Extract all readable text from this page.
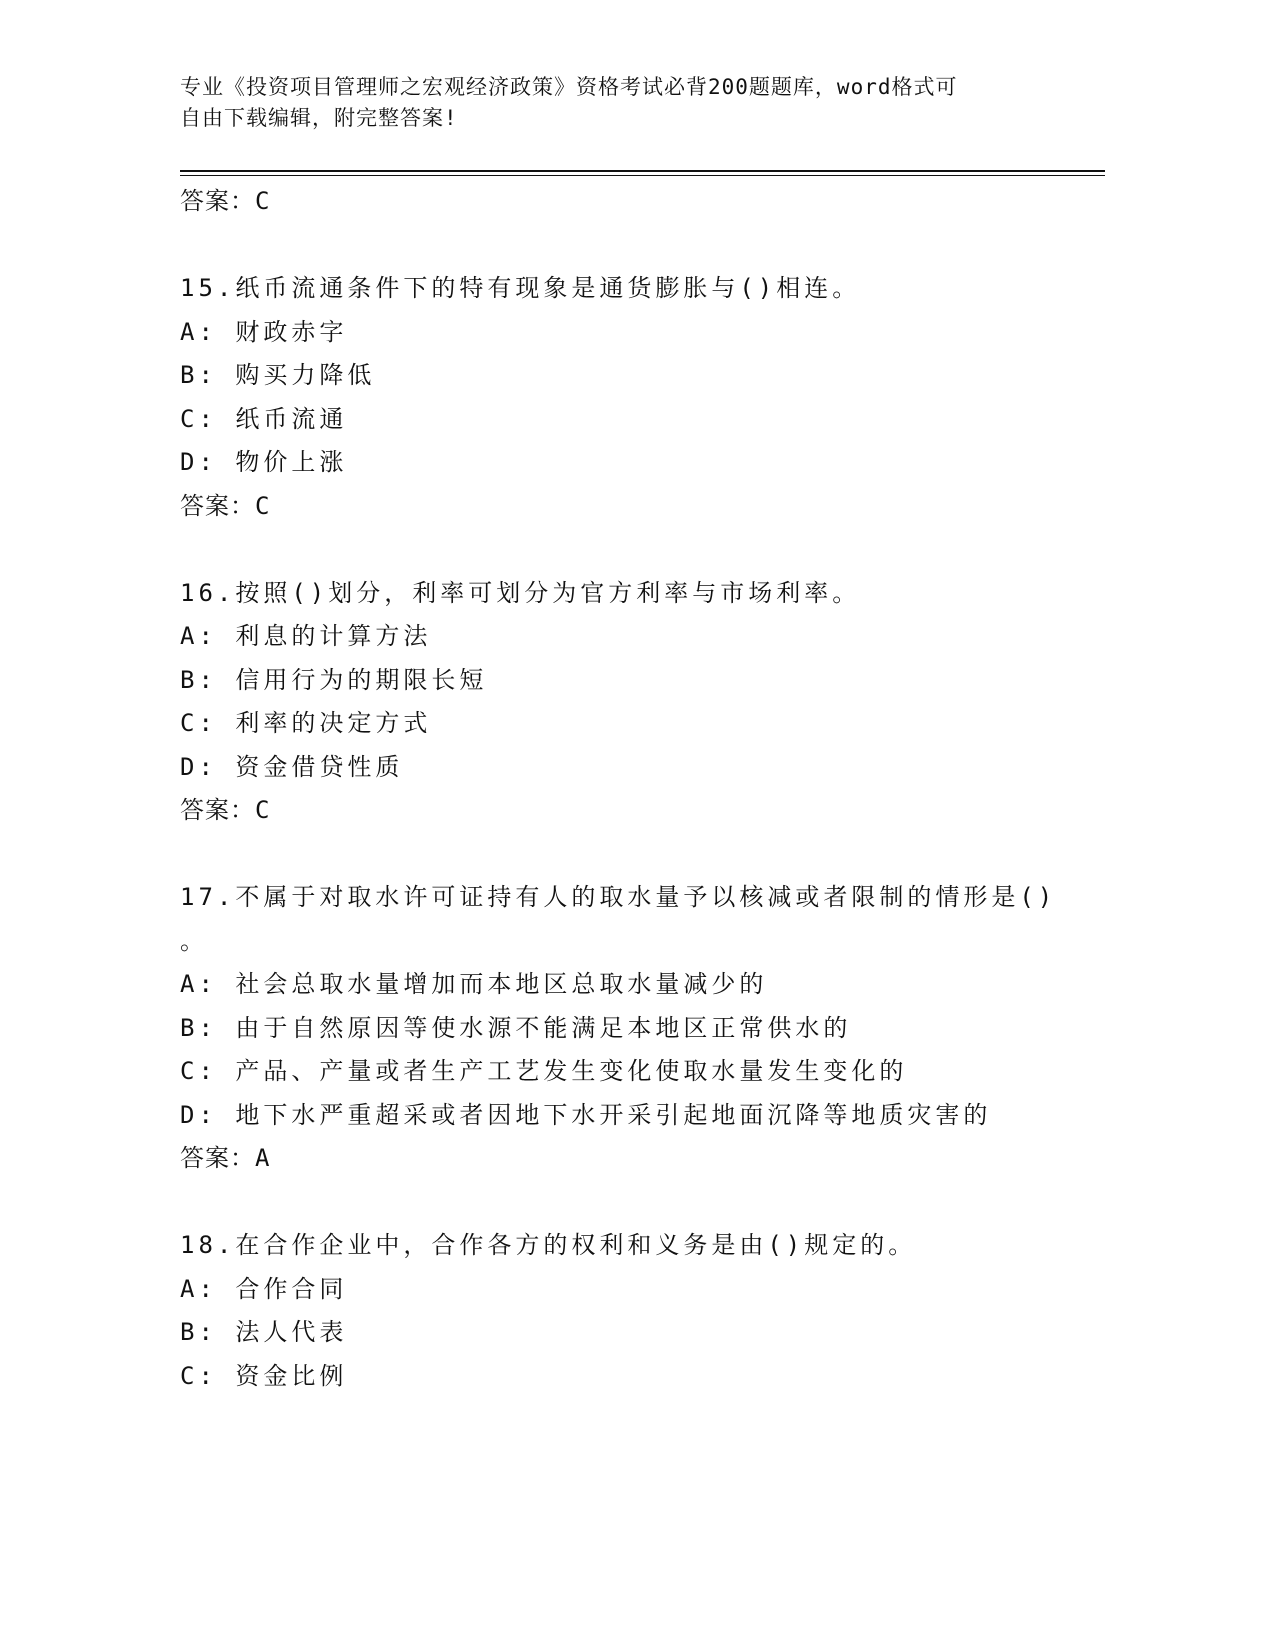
专业《投资项目管理师之宏观经济政策》资格考试必背200题题库，word格式可
自由下载编辑，附完整答案!
答案：C
15.纸币流通条件下的特有现象是通货膨胀与()相连。
A: 财政赤字
B: 购买力降低
C: 纸币流通
D: 物价上涨
答案：C
16.按照()划分，利率可划分为官方利率与市场利率。
A: 利息的计算方法
B: 信用行为的期限长短
C: 利率的决定方式
D: 资金借贷性质
答案：C
17.不属于对取水许可证持有人的取水量予以核减或者限制的情形是()
。
A: 社会总取水量增加而本地区总取水量减少的
B: 由于自然原因等使水源不能满足本地区正常供水的
C: 产品、产量或者生产工艺发生变化使取水量发生变化的
D: 地下水严重超采或者因地下水开采引起地面沉降等地质灾害的
答案：A
18.在合作企业中，合作各方的权利和义务是由()规定的。
A: 合作合同
B: 法人代表
C: 资金比例
